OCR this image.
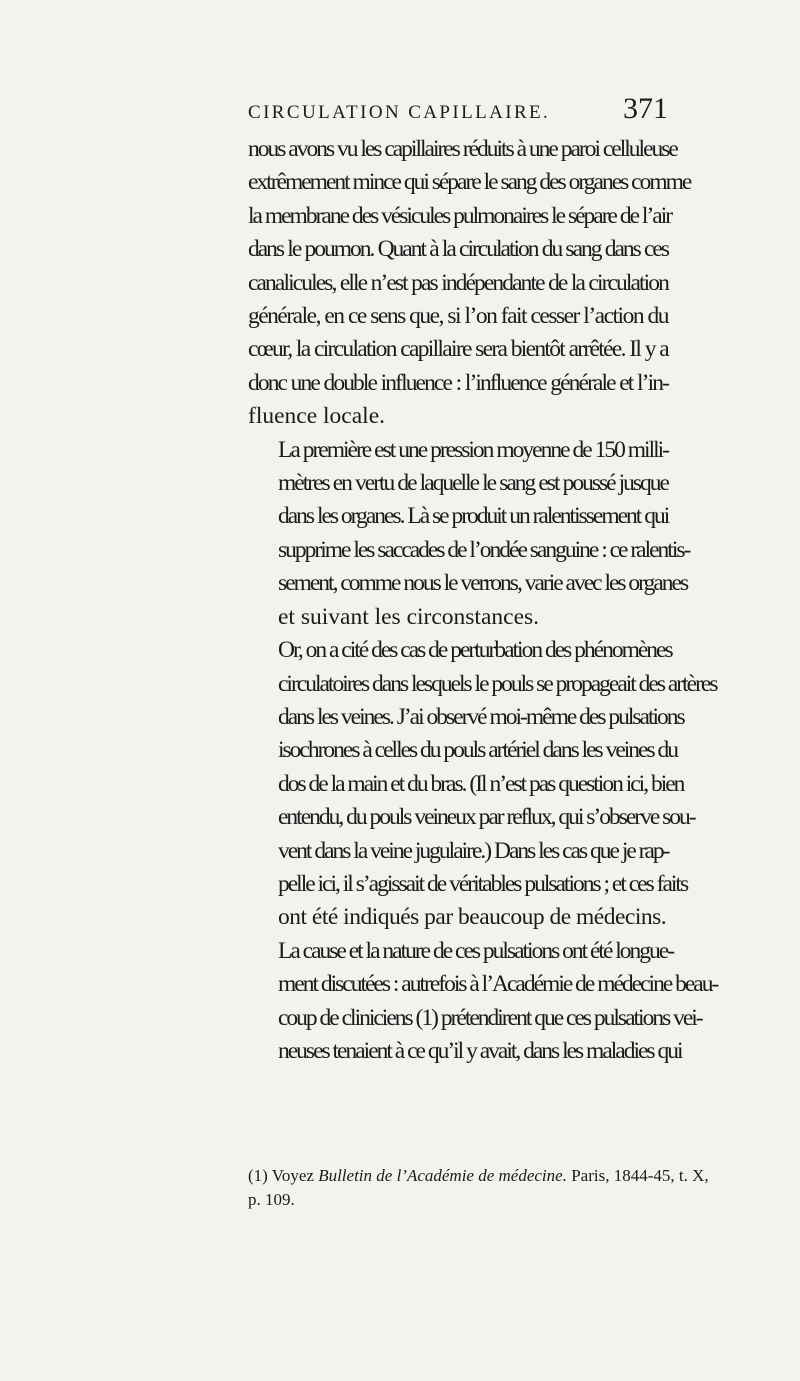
CIRCULATION CAPILLAIRE. 371

nous avons vu les capillaires réduits à une paroi celluleuse
extrêmement mince qui sépare le sang des organes comme
la membrane des vésicules pulmonaires le sépare de l’air
dans le poumon. Quant à la circulation du sang dans ces
canalicules, elle n’est pas indépendante de la circulation
générale, en ce sens que, si l’on fait cesser l’action du
cœur, la circulation capillaire sera bientôt arrêtée. Il y a
donc une double influence : l’influence générale et l’in-
fluence locale.

La première est une pression moyenne de 150 milli-
mètres en vertu de laquelle le sang est poussé jusque
dans les organes. Là se produit un ralentissement qui
supprime les saccades de l’ondée sanguine : ce ralentis-
sement, comme nous le verrons, varie avec les organes
et suivant les circonstances.

Or, on a cité des cas de perturbation des phénomènes
circulatoires dans lesquels le pouls se propageait des artères
dans les veines. J’ai observé moi-même des pulsations
isochrones à celles du pouls artériel dans les veines du
dos de la main et du bras. (Il n’est pas question ici, bien
entendu, du pouls veineux par reflux, qui s’observe sou-
vent dans la veine jugulaire.) Dans les cas que je rap-
pelle ici, il s’agissait de véritables pulsations ; et ces faits
ont été indiqués par beaucoup de médecins.

La cause et la nature de ces pulsations ont été longue-
ment discutées : autrefois à l’Académie de médecine beau-
coup de cliniciens (1) prétendirent que ces pulsations vei-
neuses tenaient à ce qu’il y avait, dans les maladies qui

(1) Voyez Bulletin de l’Académie de médecine. Paris, 1844-45, t. X,
p. 109.
